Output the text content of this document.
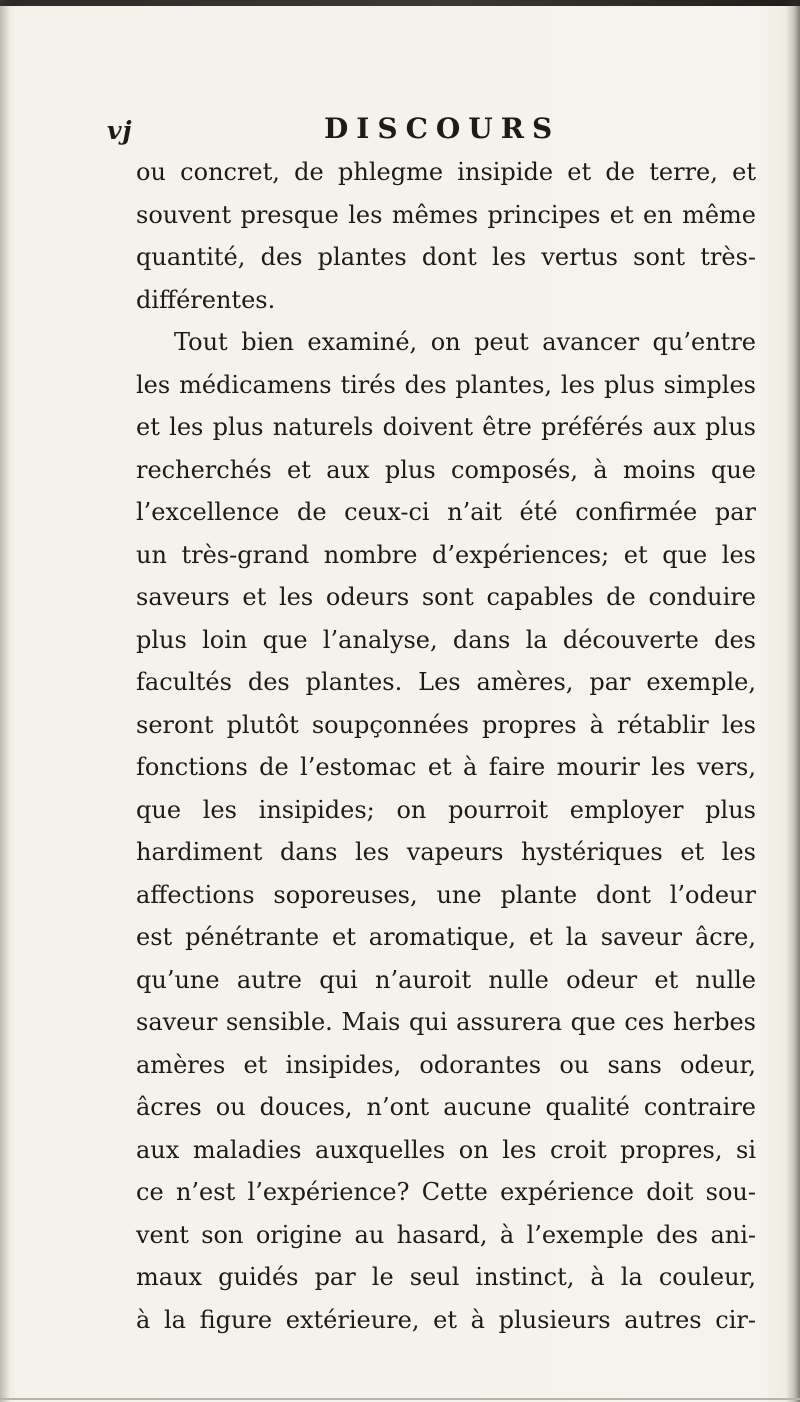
vj	DISCOURS
ou concret, de phlegme insipide et de terre, et
souvent presque les mêmes principes et en même
quantité, des plantes dont les vertus sont très-
différentes.
Tout bien examiné, on peut avancer qu’entre
les médicamens tirés des plantes, les plus simples
et les plus naturels doivent être préférés aux plus
recherchés et aux plus composés, à moins que
l’excellence de ceux-ci n’ait été confirmée par
un très-grand nombre d’expériences; et que les
saveurs et les odeurs sont capables de conduire
plus loin que l’analyse, dans la découverte des
facultés des plantes. Les amères, par exemple,
seront plutôt soupçonnées propres à rétablir les
fonctions de l’estomac et à faire mourir les vers,
que les insipides; on pourroit employer plus
hardiment dans les vapeurs hystériques et les
affections soporeuses, une plante dont l’odeur
est pénétrante et aromatique, et la saveur âcre,
qu’une autre qui n’auroit nulle odeur et nulle
saveur sensible. Mais qui assurera que ces herbes
amères et insipides, odorantes ou sans odeur,
âcres ou douces, n’ont aucune qualité contraire
aux maladies auxquelles on les croit propres, si
ce n’est l’expérience? Cette expérience doit sou-
vent son origine au hasard, à l’exemple des ani-
maux guidés par le seul instinct, à la couleur,
à la figure extérieure, et à plusieurs autres cir-
